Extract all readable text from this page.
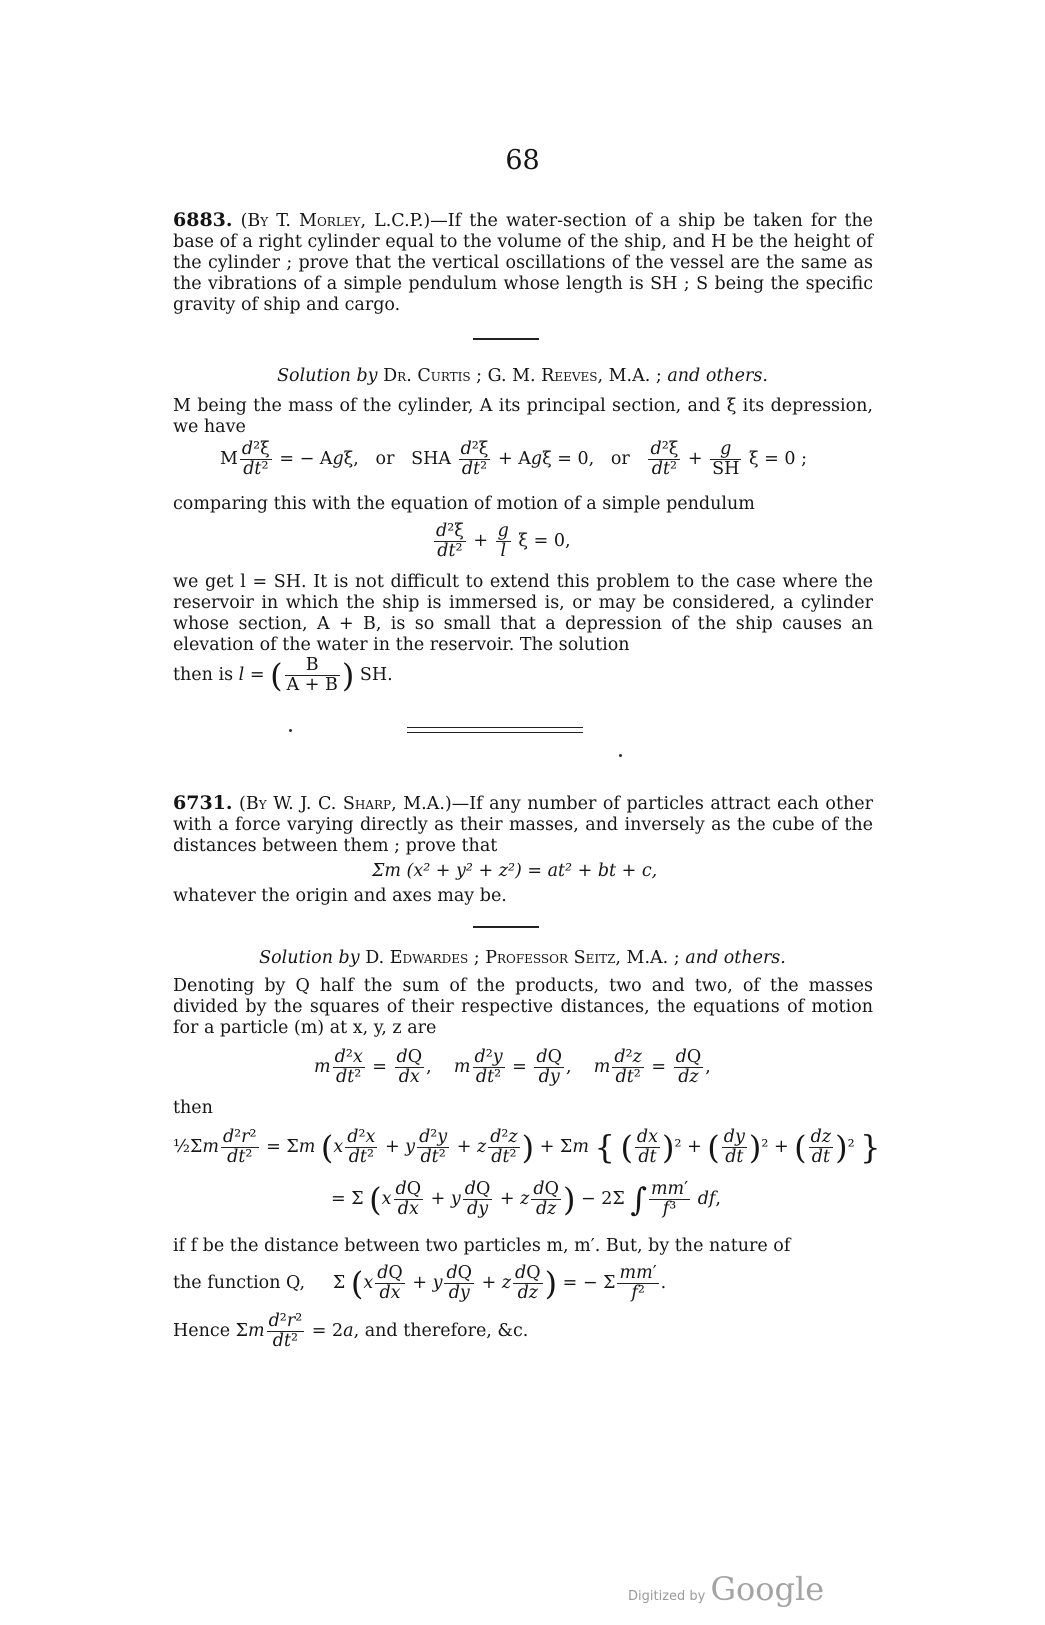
68
6883. (By T. Morley, L.C.P.)—If the water-section of a ship be taken for the base of a right cylinder equal to the volume of the ship, and H be the height of the cylinder ; prove that the vertical oscillations of the vessel are the same as the vibrations of a simple pendulum whose length is SH ; S being the specific gravity of ship and cargo.
Solution by Dr. Curtis ; G. M. Reeves, M.A. ; and others.
M being the mass of the cylinder, A its principal section, and ξ its depression, we have
M $\frac{\text{d²ξ}}{\text{dt²}}$ = − Agξ,   or   SHA $\frac{\text{d²ξ}}{\text{dt²}} + Ag\xi = 0$,   or $\frac{\text{d²ξ}}{\text{dt²}} + \frac{g}{SH}$ ξ = 0 ;
comparing this with the equation of motion of a simple pendulum
$\frac{\text{d²ξ}}{\text{dt²}} + \frac{g}{l}$ ξ = 0,
we get l = SH. It is not difficult to extend this problem to the case where the reservoir in which the ship is immersed is, or may be considered, a cylinder whose section, A + B, is so small that a depression of the ship causes an elevation of the water in the reservoir. The solution
then is l = ( $\frac{B}{A + B}$ ) SH.
6731. (By W. J. C. Sharp, M.A.)—If any number of particles attract each other with a force varying directly as their masses, and inversely as the cube of the distances between them ; prove that
Σm (x² + y² + z²) = at² + bt + c,
whatever the origin and axes may be.
Solution by D. Edwardes ; Professor Seitz, M.A. ; and others.
Denoting by Q half the sum of the products, two and two, of the masses divided by the squares of their respective distances, the equations of motion for a particle (m) at x, y, z are
m $\frac{\text{d²x}}{\text{dt²}} = \frac{dQ}{dx}$ ,    m $\frac{\text{d²y}}{\text{dt²}} = \frac{dQ}{dy}$ ,    m $\frac{\text{d²z}}{\text{dt²}} = \frac{dQ}{dz}$ ,
then
½Σm $\frac{\text{d²r²}}{\text{dt²}} = \Sigma m$ ($x \frac{\text{d²x}}{\text{dt²}} + y \frac{\text{d²y}}{\text{dt²}} + z \frac{\text{d²z}}{\text{dt²}}$ ) + Σm { ( $\frac{dx}{dt} )^2$ + ( $\frac{dy}{dt} )^2$ + ( $\frac{dz}{dt} )^2$ }
= Σ ($x \frac{dQ}{dx} + y \frac{dQ}{dy} + z \frac{dQ}{dz}$ ) − 2Σ ∫ $\frac{mm'}{\text{f³}}$ df,
if f be the distance between two particles m, m′. But, by the nature of
the function Q,     Σ ($x \frac{dQ}{dx} + y \frac{dQ}{dy} + z \frac{dQ}{dz}$ ) = − Σ $\frac{mm'}{\text{f²}}$ .
Hence Σm $\frac{\text{d²r²}}{\text{dt²}} = 2a$, and therefore, &c.
Digitized by Google
